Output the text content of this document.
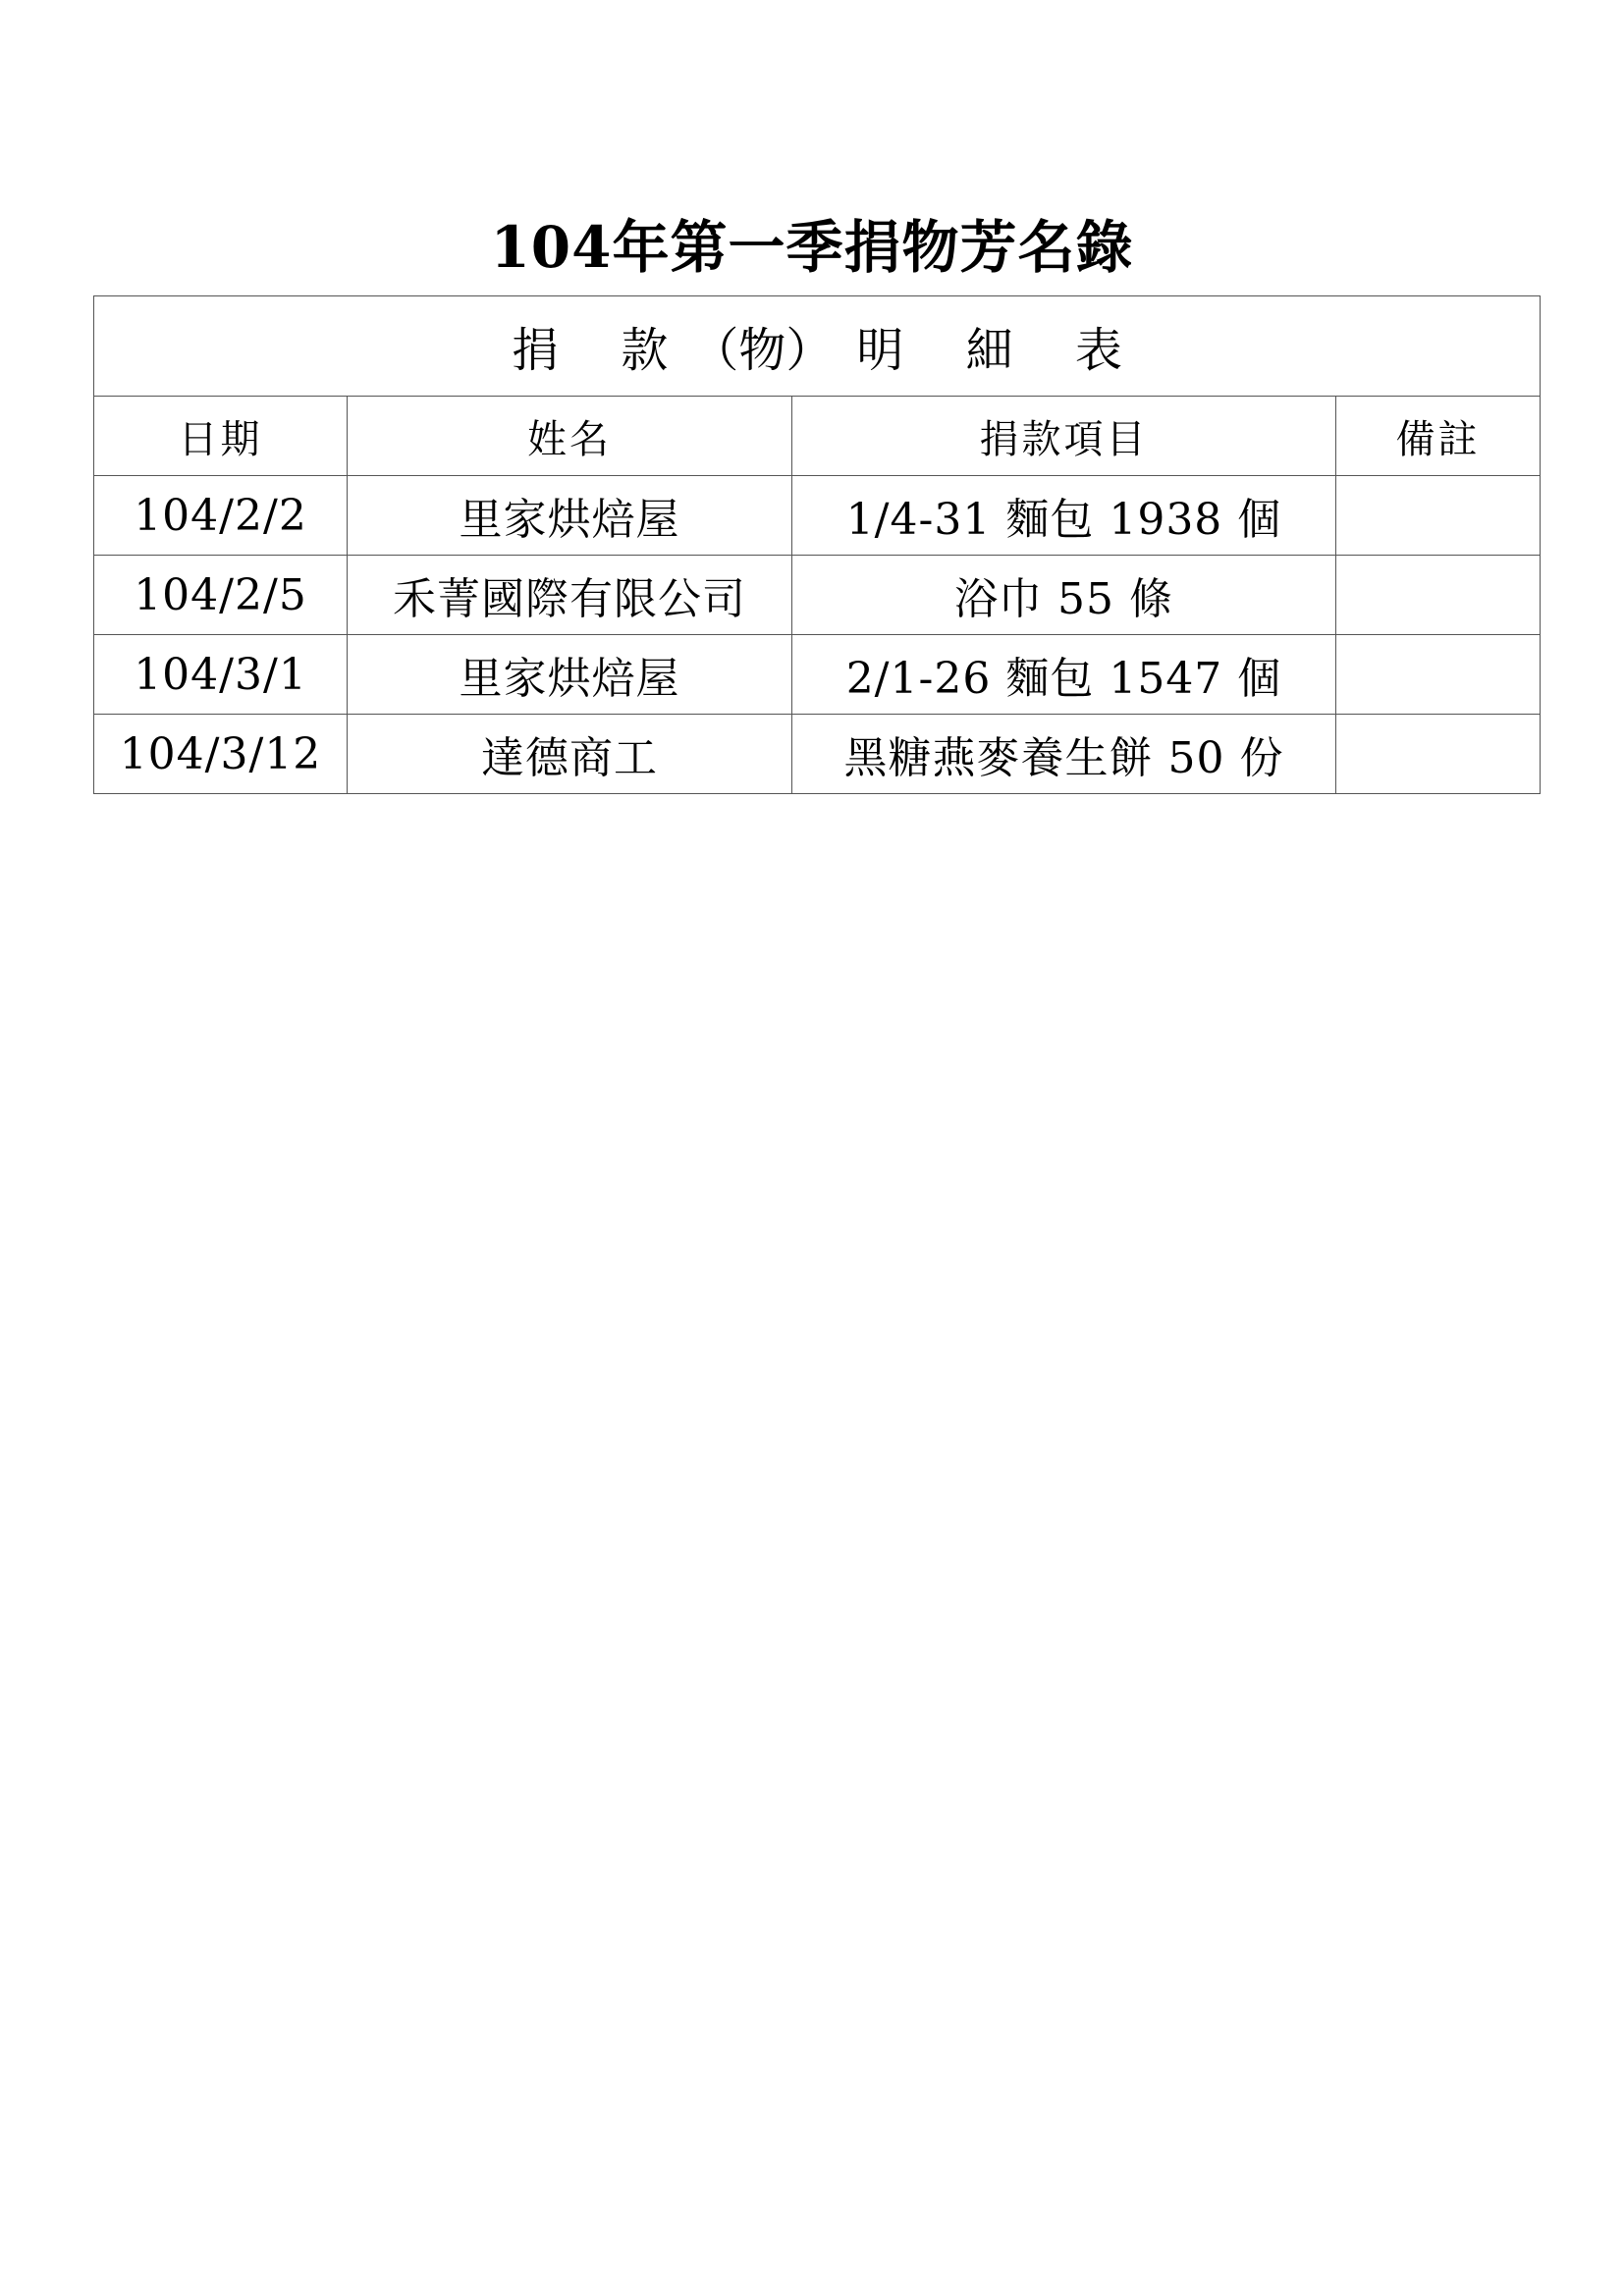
104年第一季捐物芳名錄
捐　 款　（物）　明　 細　 表			
日期	姓名	捐款項目	備註
104/2/2	里家烘焙屋	1/4-31 麵包 1938 個	
104/2/5	禾菁國際有限公司	浴巾 55 條	
104/3/1	里家烘焙屋	2/1-26 麵包 1547 個	
104/3/12	達德商工	黑糖燕麥養生餅 50 份	
